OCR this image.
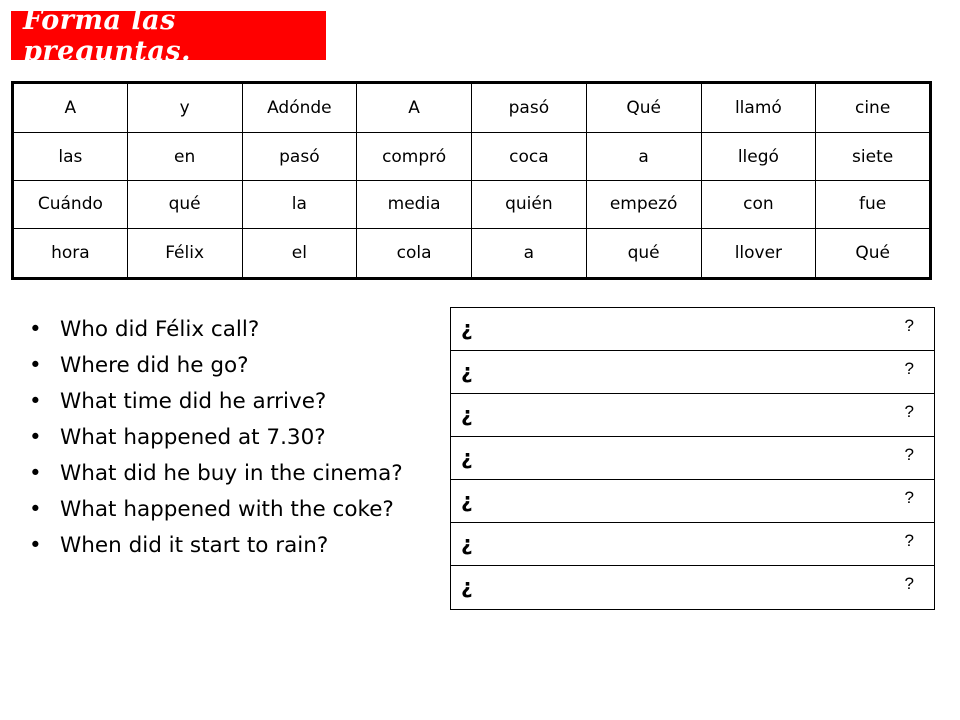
Forma las preguntas.
A	y	Adónde	A	pasó	Qué	llamó	cine
las	en	pasó	compró	coca	a	llegó	siete
Cuándo	qué	la	media	quién	empezó	con	fue
hora	Félix	el	cola	a	qué	llover	Qué
• Who did Félix call?
• Where did he go?
• What time did he arrive?
• What happened at 7.30?
• What did he buy in the cinema?
• What happened with the coke?
• When did it start to rain?
¿	?
¿	?
¿	?
¿	?
¿	?
¿	?
¿	?
